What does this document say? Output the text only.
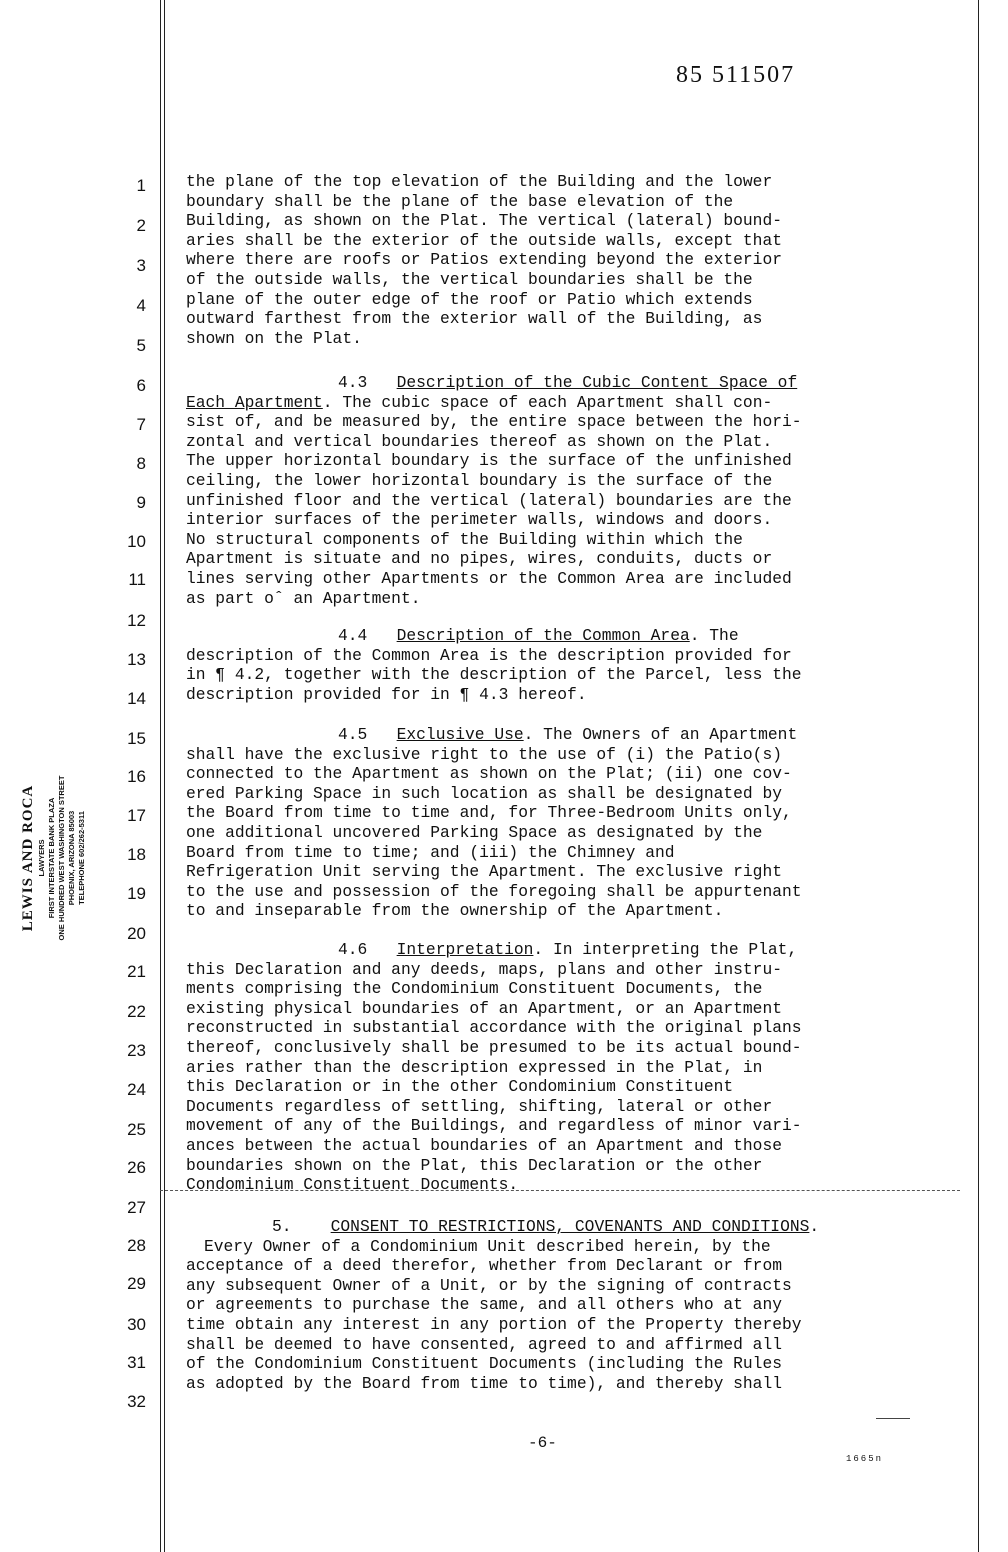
85 511507
LEWIS AND ROCA LAWYERS FIRST INTERSTATE BANK PLAZA ONE HUNDRED WEST WASHINGTON STREET PHOENIX, ARIZONA 85003 TELEPHONE 602/262-5311
1
2
3
4
5
6
7
8
9
10
11
12
13
14
15
16
17
18
19
20
21
22
23
24
25
26
27
28
29
30
31
32
the plane of the top elevation of the Building and the lower
boundary shall be the plane of the base elevation of the
Building, as shown on the Plat. The vertical (lateral) bound-
aries shall be the exterior of the outside walls, except that
where there are roofs or Patios extending beyond the exterior
of the outside walls, the vertical boundaries shall be the
plane of the outer edge of the roof or Patio which extends
outward farthest from the exterior wall of the Building, as
shown on the Plat.
4.3 Description of the Cubic Content Space of
Each Apartment. The cubic space of each Apartment shall con-
sist of, and be measured by, the entire space between the hori-
zontal and vertical boundaries thereof as shown on the Plat.
The upper horizontal boundary is the surface of the unfinished
ceiling, the lower horizontal boundary is the surface of the
unfinished floor and the vertical (lateral) boundaries are the
interior surfaces of the perimeter walls, windows and doors.
No structural components of the Building within which the
Apartment is situate and no pipes, wires, conduits, ducts or
lines serving other Apartments or the Common Area are included
as part oˆ an Apartment.
4.4 Description of the Common Area. The
description of the Common Area is the description provided for
in ¶ 4.2, together with the description of the Parcel, less the
description provided for in ¶ 4.3 hereof.
4.5 Exclusive Use. The Owners of an Apartment
shall have the exclusive right to the use of (i) the Patio(s)
connected to the Apartment as shown on the Plat; (ii) one cov-
ered Parking Space in such location as shall be designated by
the Board from time to time and, for Three-Bedroom Units only,
one additional uncovered Parking Space as designated by the
Board from time to time; and (iii) the Chimney and
Refrigeration Unit serving the Apartment. The exclusive right
to the use and possession of the foregoing shall be appurtenant
to and inseparable from the ownership of the Apartment.
4.6 Interpretation. In interpreting the Plat,
this Declaration and any deeds, maps, plans and other instru-
ments comprising the Condominium Constituent Documents, the
existing physical boundaries of an Apartment, or an Apartment
reconstructed in substantial accordance with the original plans
thereof, conclusively shall be presumed to be its actual bound-
aries rather than the description expressed in the Plat, in
this Declaration or in the other Condominium Constituent
Documents regardless of settling, shifting, lateral or other
movement of any of the Buildings, and regardless of minor vari-
ances between the actual boundaries of an Apartment and those
boundaries shown on the Plat, this Declaration or the other
Condominium Constituent Documents.
5. CONSENT TO RESTRICTIONS, COVENANTS AND CONDITIONS.
Every Owner of a Condominium Unit described herein, by the
acceptance of a deed therefor, whether from Declarant or from
any subsequent Owner of a Unit, or by the signing of contracts
or agreements to purchase the same, and all others who at any
time obtain any interest in any portion of the Property thereby
shall be deemed to have consented, agreed to and affirmed all
of the Condominium Constituent Documents (including the Rules
as adopted by the Board from time to time), and thereby shall
-6-
1665n
